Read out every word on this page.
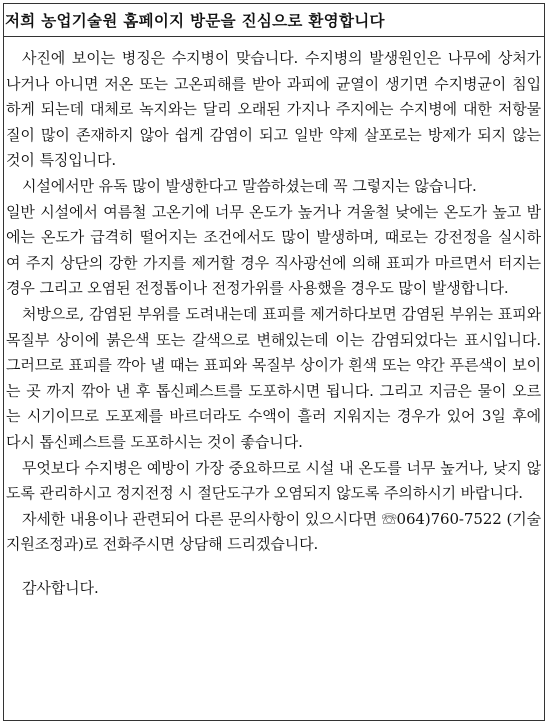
저희 농업기술원 홈페이지 방문을 진심으로 환영합니다

사진에 보이는 병징은 수지병이 맞습니다. 수지병의 발생원인은 나무에 상처가 나거나 아니면 저온 또는 고온피해를 받아 과피에 균열이 생기면 수지병균이 침입하게 되는데 대체로 녹지와는 달리 오래된 가지나 주지에는 수지병에 대한 저항물질이 많이 존재하지 않아 쉽게 감염이 되고 일반 약제 살포로는 방제가 되지 않는 것이 특징입니다.

시설에서만 유독 많이 발생한다고 말씀하셨는데 꼭 그렇지는 않습니다.

일반 시설에서 여름철 고온기에 너무 온도가 높거나 겨울철 낮에는 온도가 높고 밤에는 온도가 급격히 떨어지는 조건에서도 많이 발생하며, 때로는 강전정을 실시하여 주지 상단의 강한 가지를 제거할 경우 직사광선에 의해 표피가 마르면서 터지는 경우 그리고 오염된 전정톱이나 전정가위를 사용했을 경우도 많이 발생합니다.

처방으로, 감염된 부위를 도려내는데 표피를 제거하다보면 감염된 부위는 표피와 목질부 상이에 붉은색 또는 갈색으로 변해있는데 이는 감염되었다는 표시입니다. 그러므로 표피를 깍아 낼 때는 표피와 목질부 상이가 흰색 또는 약간 푸른색이 보이는 곳 까지 깎아 낸 후 톱신페스트를 도포하시면 됩니다. 그리고 지금은 물이 오르는 시기이므로 도포제를 바르더라도 수액이 흘러 지워지는 경우가 있어 3일 후에 다시 톱신페스트를 도포하시는 것이 좋습니다.

무엇보다 수지병은 예방이 가장 중요하므로 시설 내 온도를 너무 높거나, 낮지 않도록 관리하시고 정지전정 시 절단도구가 오염되지 않도록 주의하시기 바랍니다.

자세한 내용이나 관련되어 다른 문의사항이 있으시다면 ☏064)760-7522 (기술지원조정과)로 전화주시면 상담해 드리겠습니다.

감사합니다.
